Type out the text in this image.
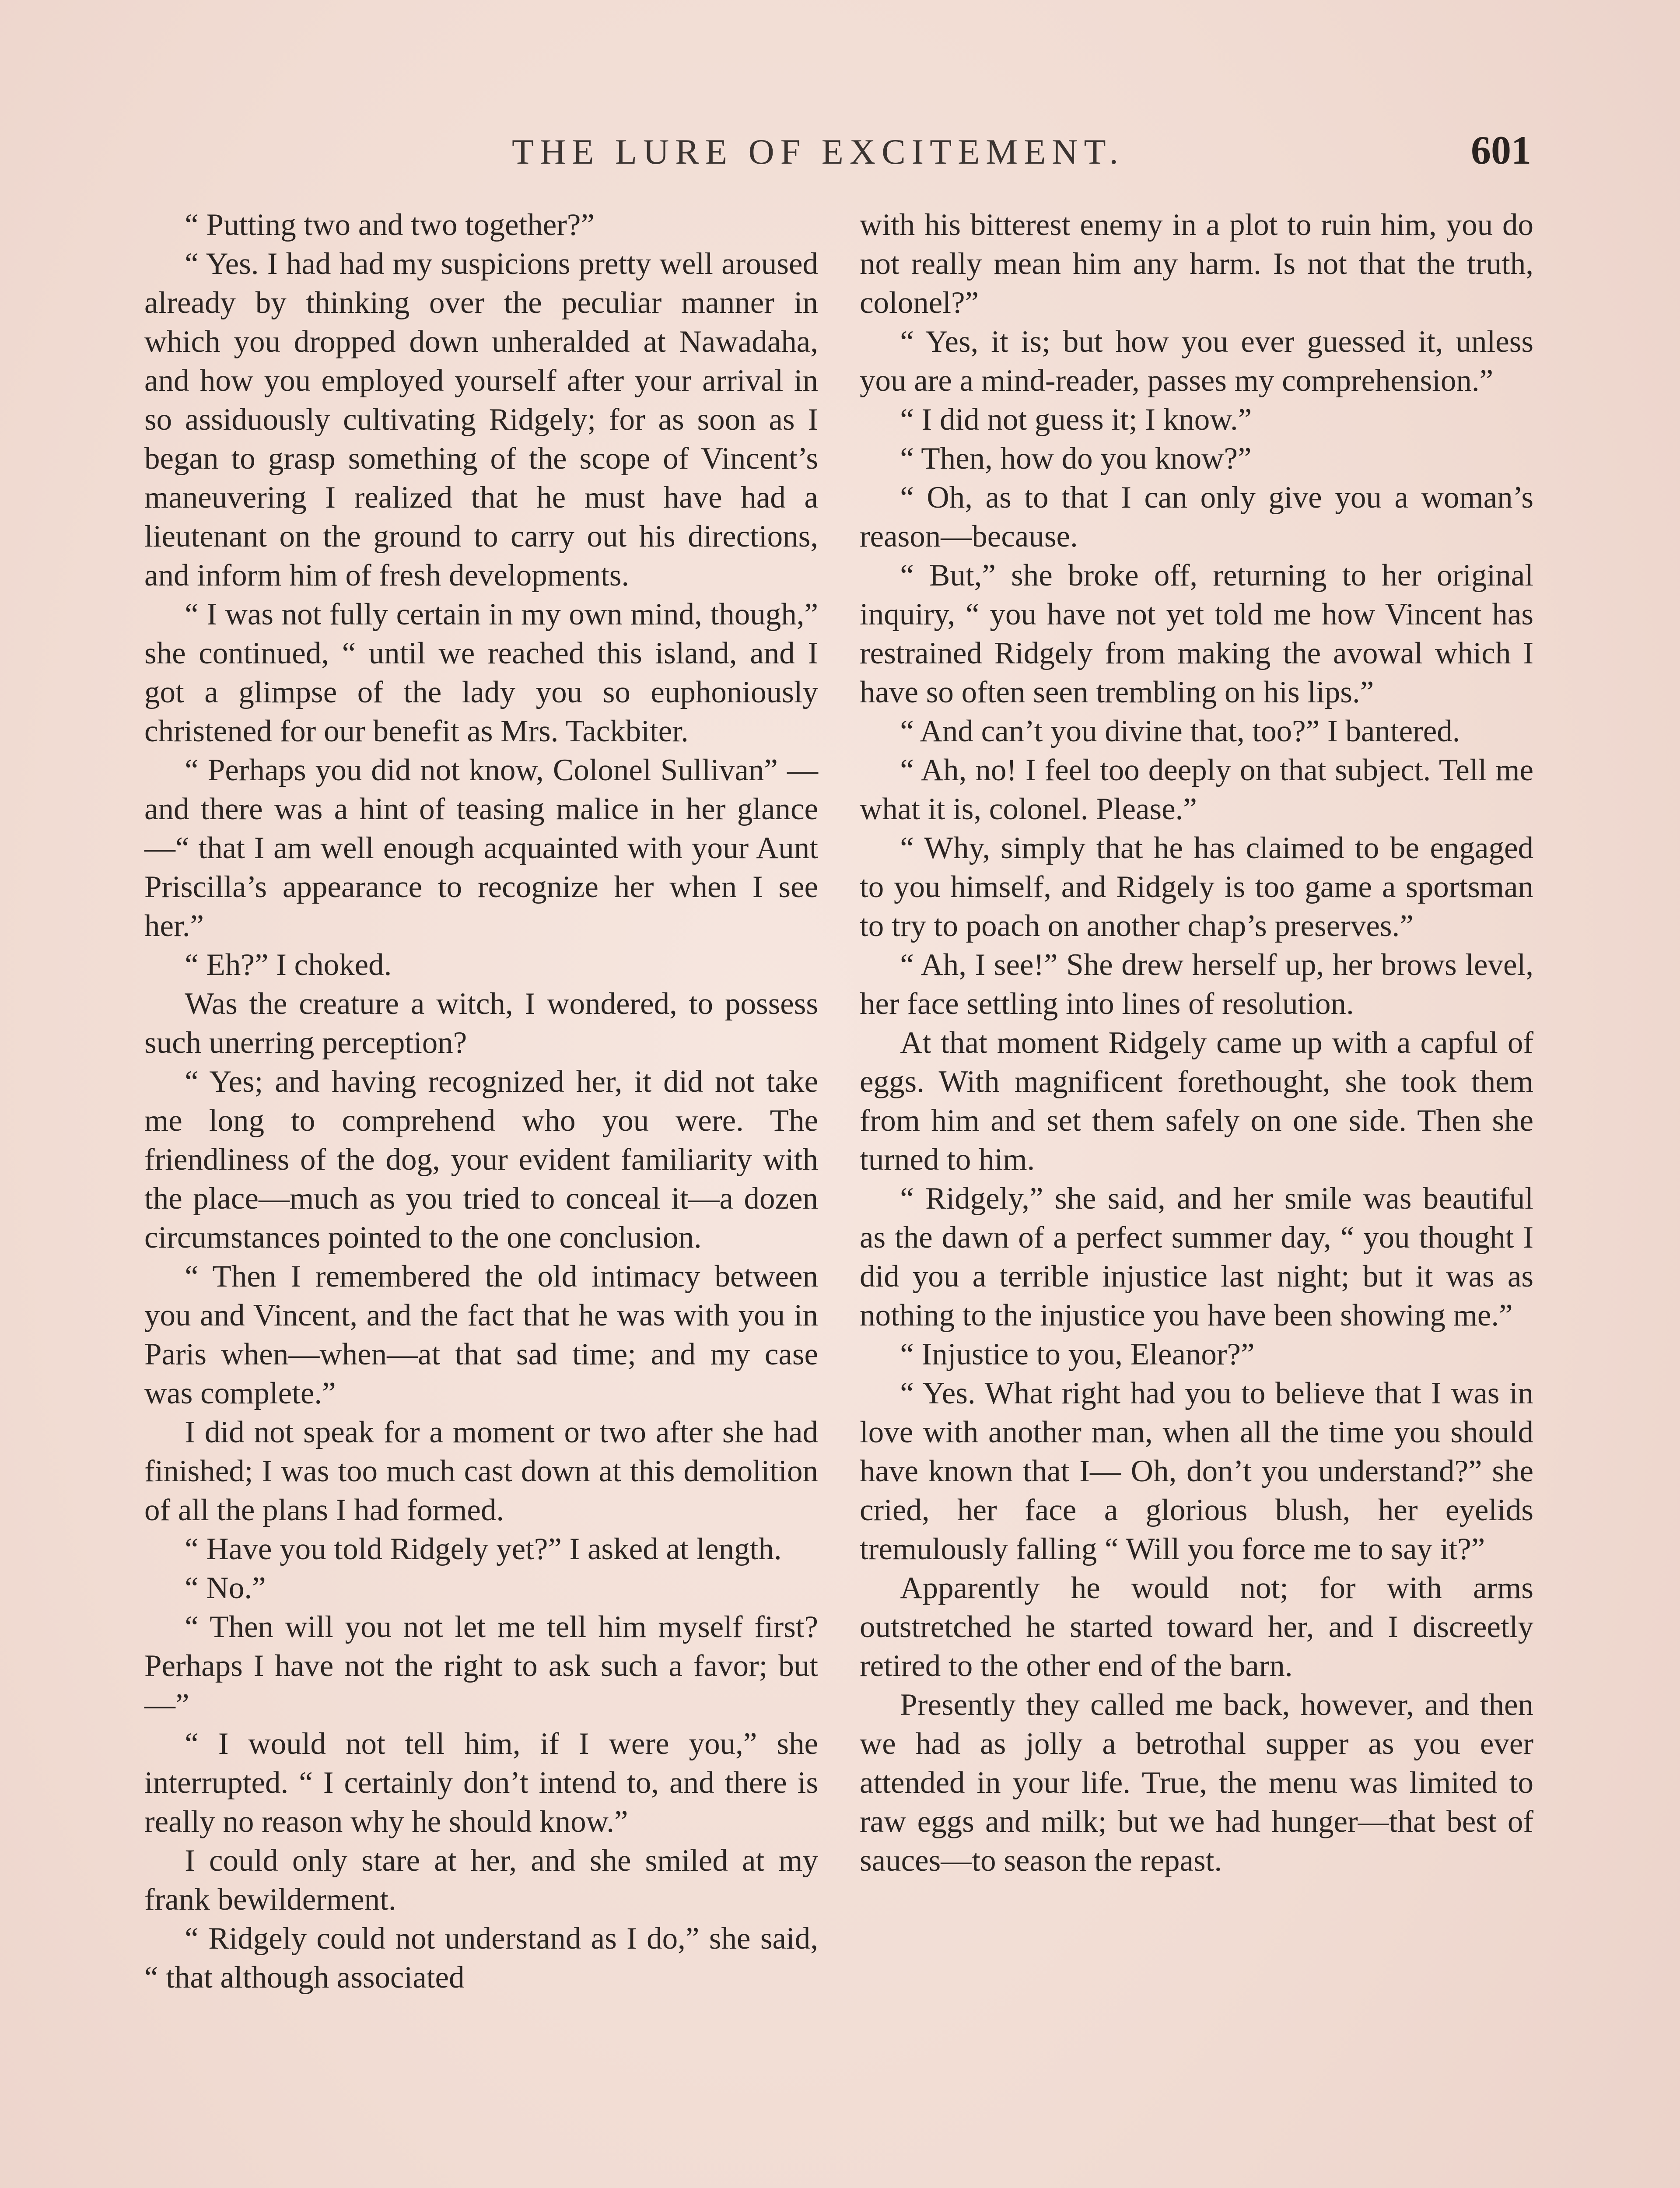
THE LURE OF EXCITEMENT.	601

“ Putting two and two together?”

“ Yes. I had had my suspicions pretty well aroused already by thinking over the peculiar manner in which you dropped down unheralded at Nawadaha, and how you employed yourself after your arrival in so assiduously cultivating Ridgely; for as soon as I began to grasp something of the scope of Vincent’s maneuvering I realized that he must have had a lieutenant on the ground to carry out his directions, and inform him of fresh developments.

“ I was not fully certain in my own mind, though,” she continued, “ until we reached this island, and I got a glimpse of the lady you so euphoniously christened for our benefit as Mrs. Tackbiter.

“ Perhaps you did not know, Colonel Sullivan” — and there was a hint of teasing malice in her glance—“ that I am well enough acquainted with your Aunt Priscilla’s appearance to recognize her when I see her.”

“ Eh?” I choked.

Was the creature a witch, I wondered, to possess such unerring perception?

“ Yes; and having recognized her, it did not take me long to comprehend who you were. The friendliness of the dog, your evident familiarity with the place—much as you tried to conceal it—a dozen circumstances pointed to the one conclusion.

“ Then I remembered the old intimacy between you and Vincent, and the fact that he was with you in Paris when—when—at that sad time; and my case was complete.”

I did not speak for a moment or two after she had finished; I was too much cast down at this demolition of all the plans I had formed.

“ Have you told Ridgely yet?” I asked at length.

“ No.”

“ Then will you not let me tell him myself first? Perhaps I have not the right to ask such a favor; but—”

“ I would not tell him, if I were you,” she interrupted. “ I certainly don’t intend to, and there is really no reason why he should know.”

I could only stare at her, and she smiled at my frank bewilderment.

“ Ridgely could not understand as I do,” she said, “ that although associated

with his bitterest enemy in a plot to ruin him, you do not really mean him any harm. Is not that the truth, colonel?”

“ Yes, it is; but how you ever guessed it, unless you are a mind-reader, passes my comprehension.”

“ I did not guess it; I know.”

“ Then, how do you know?”

“ Oh, as to that I can only give you a woman’s reason—because.

“ But,” she broke off, returning to her original inquiry, “ you have not yet told me how Vincent has restrained Ridgely from making the avowal which I have so often seen trembling on his lips.”

“ And can’t you divine that, too?” I bantered.

“ Ah, no! I feel too deeply on that subject. Tell me what it is, colonel. Please.”

“ Why, simply that he has claimed to be engaged to you himself, and Ridgely is too game a sportsman to try to poach on another chap’s preserves.”

“ Ah, I see!” She drew herself up, her brows level, her face settling into lines of resolution.

At that moment Ridgely came up with a capful of eggs. With magnificent forethought, she took them from him and set them safely on one side. Then she turned to him.

“ Ridgely,” she said, and her smile was beautiful as the dawn of a perfect summer day, “ you thought I did you a terrible injustice last night; but it was as nothing to the injustice you have been showing me.”

“ Injustice to you, Eleanor?”

“ Yes. What right had you to believe that I was in love with another man, when all the time you should have known that I— Oh, don’t you understand?” she cried, her face a glorious blush, her eyelids tremulously falling “ Will you force me to say it?”

Apparently he would not; for with arms outstretched he started toward her, and I discreetly retired to the other end of the barn.

Presently they called me back, however, and then we had as jolly a betrothal supper as you ever attended in your life. True, the menu was limited to raw eggs and milk; but we had hunger—that best of sauces—to season the repast.
